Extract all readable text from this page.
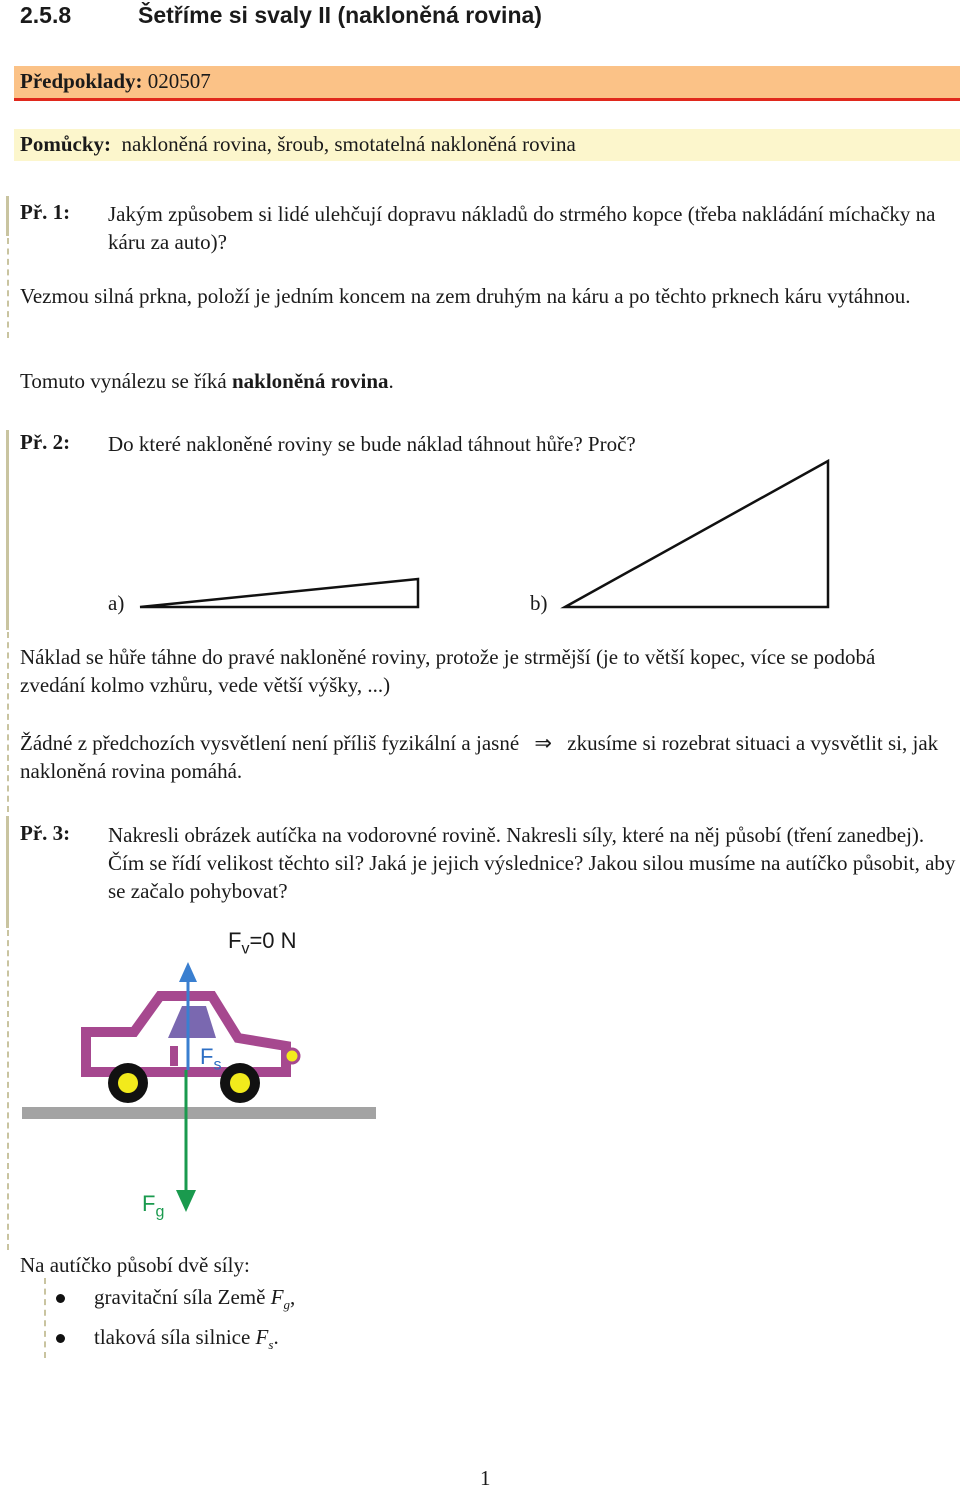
2.5.8	Šetříme si svaly II (nakloněná rovina)
Předpoklady: 020507
Pomůcky: nakloněná rovina, šroub, smotatelná nakloněná rovina
Př. 1: Jakým způsobem si lidé ulehčují dopravu nákladů do strmého kopce (třeba nakládání míchačky na káru za auto)?
Vezmou silná prkna, položí je jedním koncem na zem druhým na káru a po těchto prknech káru vytáhnou.
Tomuto vynálezu se říká nakloněná rovina.
Př. 2: Do které nakloněné roviny se bude náklad táhnout hůře? Proč?
a)	b)
Náklad se hůře táhne do pravé nakloněné roviny, protože je strmější (je to větší kopec, více se podobá zvedání kolmo vzhůru, vede větší výšky, ...)
Žádné z předchozích vysvětlení není příliš fyzikální a jasné ⇒ zkusíme si rozebrat situaci a vysvětlit si, jak nakloněná rovina pomáhá.
Př. 3: Nakresli obrázek autíčka na vodorovné rovině. Nakresli síly, které na něj působí (tření zanedbej). Čím se řídí velikost těchto sil? Jaká je jejich výslednice? Jakou silou musíme na autíčko působit, aby se začalo pohybovat?
$F_v=0$ N
$F_s$
$F_g$
Na autíčko působí dvě síly:
gravitační síla Země $F_g$,
tlaková síla silnice $F_s$.
1
